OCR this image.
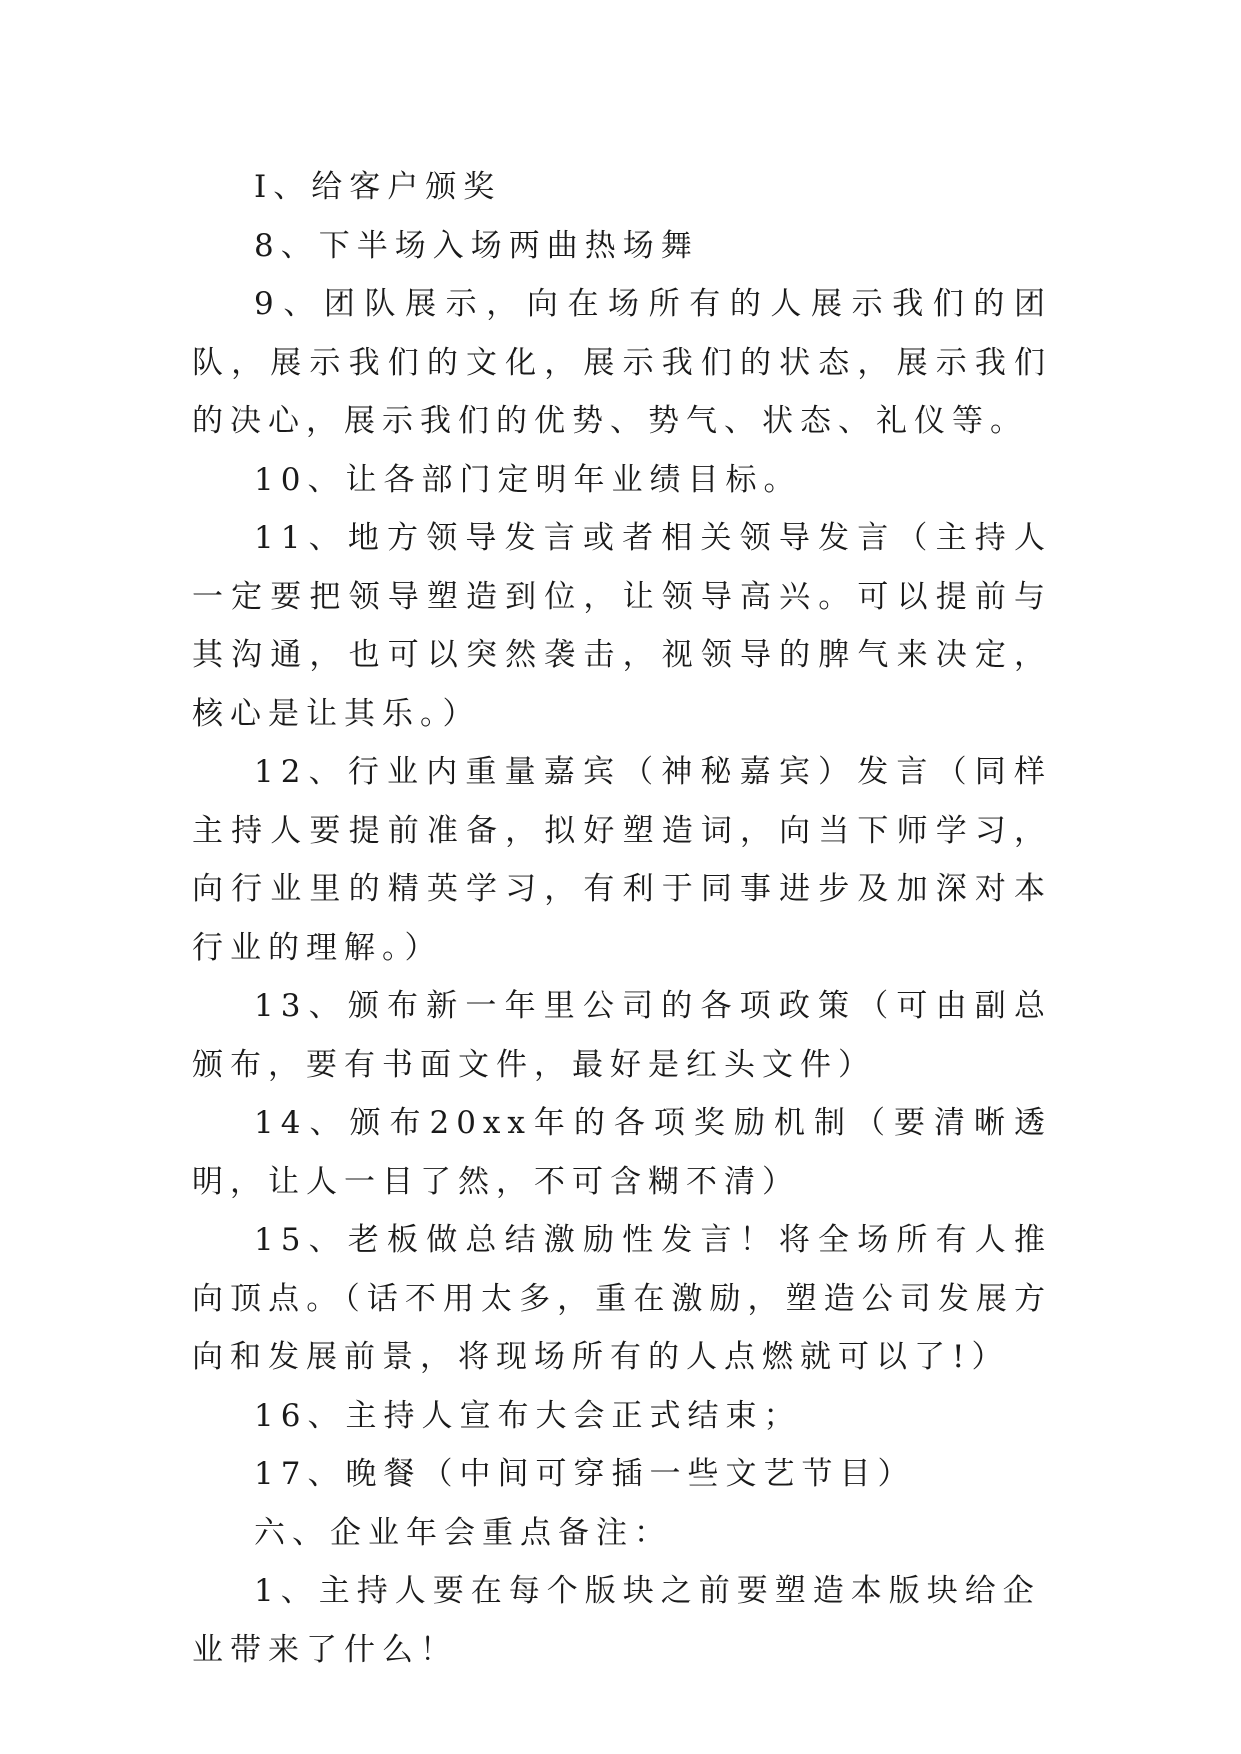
I、给客户颁奖

8、下半场入场两曲热场舞

9、团队展示，向在场所有的人展示我们的团队，展示我们的文化，展示我们的状态，展示我们的决心，展示我们的优势、势气、状态、礼仪等。

10、让各部门定明年业绩目标。

11、地方领导发言或者相关领导发言（主持人一定要把领导塑造到位，让领导高兴。可以提前与其沟通，也可以突然袭击，视领导的脾气来决定，核心是让其乐。）

12、行业内重量嘉宾（神秘嘉宾）发言（同样主持人要提前准备，拟好塑造词，向当下师学习，向行业里的精英学习，有利于同事进步及加深对本行业的理解。）

13、颁布新一年里公司的各项政策（可由副总颁布，要有书面文件，最好是红头文件）

14、颁布20xx年的各项奖励机制（要清晰透明，让人一目了然，不可含糊不清）

15、老板做总结激励性发言！将全场所有人推向顶点。（话不用太多，重在激励，塑造公司发展方向和发展前景，将现场所有的人点燃就可以了!）

16、主持人宣布大会正式结束；

17、晚餐（中间可穿插一些文艺节目）

六、企业年会重点备注：

1、主持人要在每个版块之前要塑造本版块给企业带来了什么！
